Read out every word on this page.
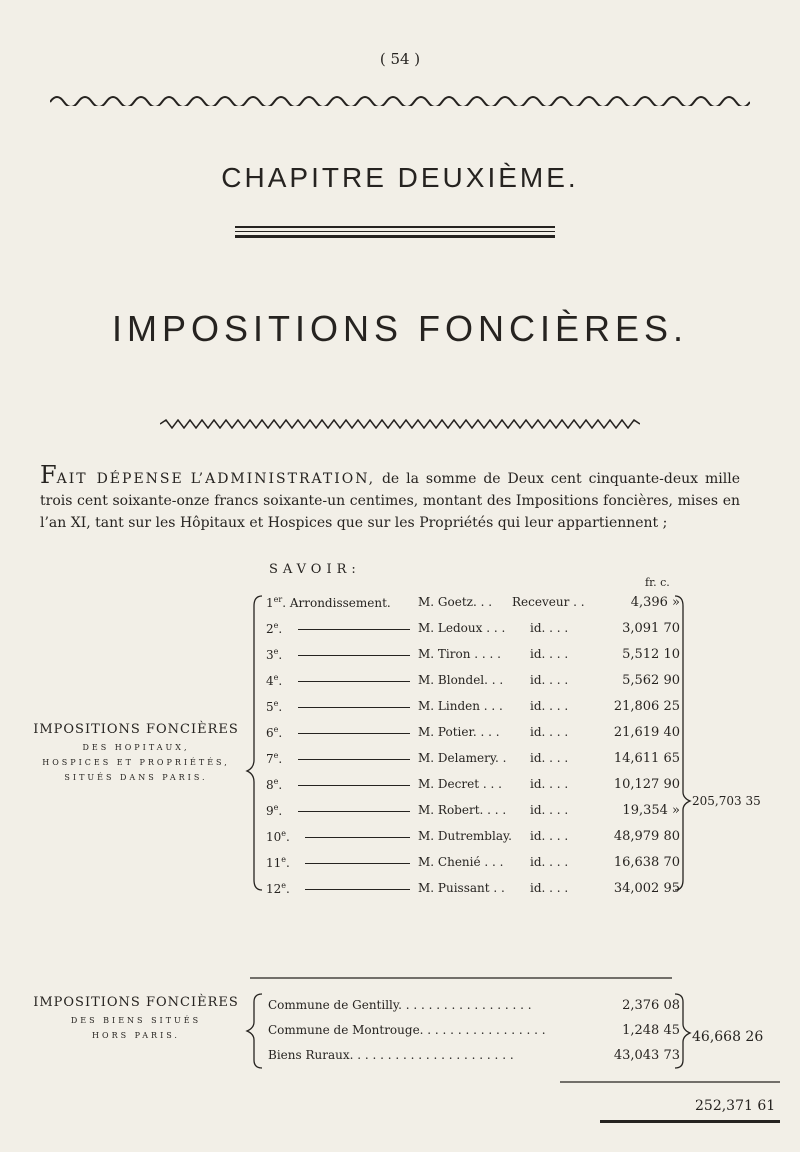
( 54 )
CHAPITRE DEUXIÈME.
IMPOSITIONS FONCIÈRES.
FAIT DÉPENSE L’ADMINISTRATION, de la somme de Deux cent cinquante-deux mille trois cent soixante-onze francs soixante-un centimes, montant des Impositions foncières, mises en l’an XI, tant sur les Hôpitaux et Hospices que sur les Propriétés qui leur appartiennent ;
SAVOIR:
fr. c.
IMPOSITIONS FONCIÈRES
DES HOPITAUX,
HOSPICES ET PROPRIÉTÉS,
SITUÉS DANS PARIS.
1er. Arrondissement. M. Goetz. . .	Receveur . .	4,396 »
2e.	M. Ledoux . . .	id. . . .	3,091 70
3e.	M. Tiron . . . .	id. . . .	5,512 10
4e.	M. Blondel. . .	id. . . .	5,562 90
5e.	M. Linden . . .	id. . . .	21,806 25
6e.	M. Potier. . . .	id. . . .	21,619 40
7e.	M. Delamery. .	id. . . .	14,611 65
8e.	M. Decret . . .	id. . . .	10,127 90
9e.	M. Robert. . . .	id. . . .	19,354 »
10e.	M. Dutremblay.	id. . . .	48,979 80
11e.	M. Chenié . . .	id. . . .	16,638 70
12e.	M. Puissant . .	id. . . .	34,002 95
205,703 35
IMPOSITIONS FONCIÈRES
DES BIENS SITUÉS
HORS PARIS.
Commune de Gentilly. . . . . . . . . . . . . . . . . .	2,376 08
Commune de Montrouge. . . . . . . . . . . . . . . . .	1,248 45
Biens Ruraux. . . . . . . . . . . . . . . . . . . . . .	43,043 73
46,668 26
252,371 61
